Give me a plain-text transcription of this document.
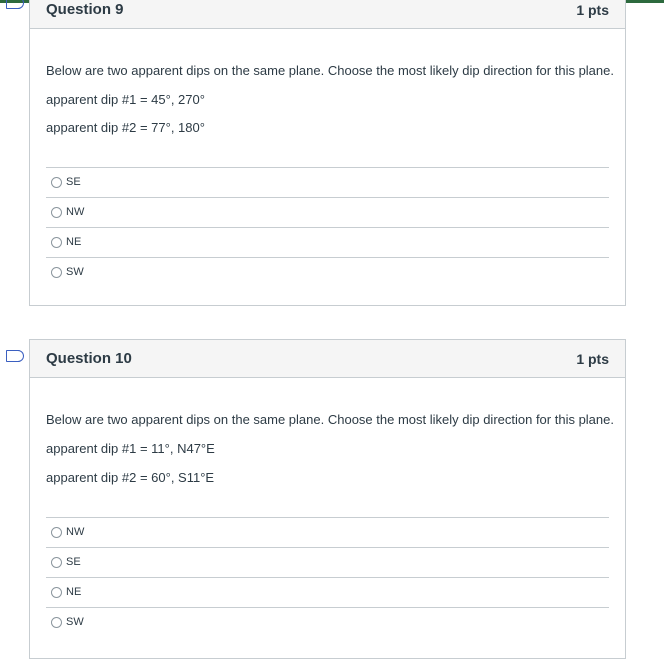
Question 9	1 pts

Below are two apparent dips on the same plane. Choose the most likely dip direction for this plane.

apparent dip #1 = 45°, 270°

apparent dip #2 = 77°, 180°

SE
NW
NE
SW
Question 10	1 pts

Below are two apparent dips on the same plane. Choose the most likely dip direction for this plane.

apparent dip #1 = 11°, N47°E

apparent dip #2 = 60°, S11°E

NW
SE
NE
SW
